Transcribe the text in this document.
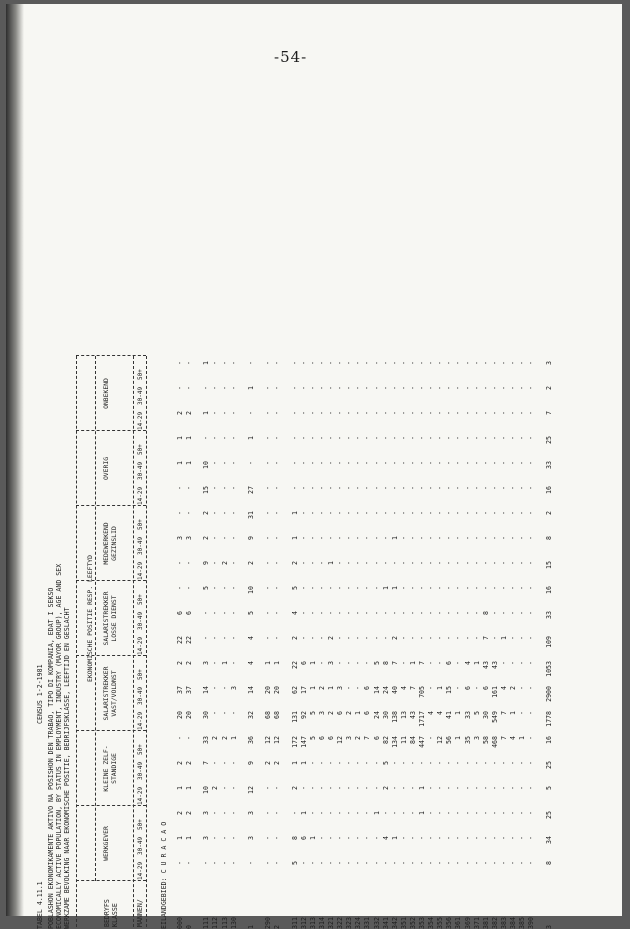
-54-
TABEL 4.11.1
CENSUS 1-2-1981 POBLASHON EKONOMIKAMENTE AKTIVO NA POSISHON DEN TRABAO, TIPO DI KOMPANIA, EDAT I SEKSO ECONOMICALLY ACTIVE POPULATION, BY STATUS IN EMPLOYMENT, INDUSTRY (MAYOR GROUP), AGE AND SEX WERKZAME BEVOLKING NAAR EKONOMISCHE POSITIE, BEDRIJFSKLASSE, LEEFTIJD EN GESLACHT	BEDRYFS KLASSE	MANNEN/
EKONOMISCHE POSITIE RESP. LEEFTYD
WERKGEVER
14-29
30-49
50+
KLEINE ZELF- STANDIGE
14-29
30-49
50+
SALARISTREKKER VAST/VOLDNST
14-29
30-49
50+
SALARISTREKKER LOSSE DIENST
14-29
30-49
50+
MEDEWERKEND GEZINSLID
14-29
30-49
50+
OVERIG
14-29
30-49
50+
ONBEKEND
14-29
30-49
50+
EILANDGEBIED: C U R A C A O 000
-
1
2
1
2
-
20
37
2
22
6
-
-
3
-
-
1
1
2
-
-
0
-
1
2
1
2
-
20
37
2
22
6
-
-
3
-
-
1
1
2
-
-
111
-
3
3
10
7
33
30
14
3
-
-
5
9
2
2
15
10
-
1
-
1
112
-
-
-
2
-
2
-
-
-
-
-
-
-
-
-
-
-
-
-
-
-
113
-
-
-
-
-
2
-
-
1
-
-
-
2
-
-
-
-
-
-
-
-
130
-
-
-
-
-
1
-
3
-
-
-
-
-
-
-
-
-
-
-
-
-
1
-
3
3
12
9
36
32
14
4
4
5
10
2
9
31
27
-
1
-
1
-
290
-
-
-
-
2
12
68
20
1
-
-
-
-
-
-
-
-
-
-
-
-
2
-
-
-
-
2
12
68
20
1
-
-
-
-
-
-
-
-
-
-
-
-
311
5
8
-
2
1
172
131
62
22
2
4
5
2
1
1
-
-
-
-
-
-
312
-
6
1
-
1
147
92
17
6
-
-
-
-
-
-
-
-
-
-
-
-
313
-
1
-
-
-
5
5
1
1
-
-
-
-
-
-
-
-
-
-
-
-
314
-
-
-
-
-
6
3
2
-
-
-
-
-
-
-
-
-
-
-
-
-
321
-
-
-
-
-
6
2
1
3
2
-
-
1
-
-
-
-
-
-
-
-
322
-
-
-
-
-
12
6
3
-
-
-
-
-
-
-
-
-
-
-
-
-
323
-
-
-
-
-
3
2
-
-
-
-
-
-
-
-
-
-
-
-
-
-
324
-
-
-
-
-
2
1
-
-
-
-
-
-
-
-
-
-
-
-
-
-
331
-
-
-
-
-
7
6
6
-
-
-
-
-
-
-
-
-
-
-
-
-
332
-
-
1
-
-
6
24
14
5
-
-
-
-
-
-
-
-
-
-
-
-
341
-
4
-
2
5
82
30
24
8
-
-
1
-
-
-
-
-
-
-
-
-
342
-
1
-
-
-
134
138
40
7
2
-
1
-
1
-
-
-
-
-
-
-
351
-
-
-
-
-
11
13
4
-
-
-
-
-
-
-
-
-
-
-
-
-
352
-
-
-
-
-
84
43
7
1
-
-
-
-
-
-
-
-
-
-
-
-
353
-
-
1
1
-
447
1717
705
7
-
-
-
-
-
-
-
-
-
-
-
-
354
-
-
-
-
-
-
4
-
-
-
-
-
-
-
-
-
-
-
-
-
-
355
-
-
-
-
-
12
4
1
-
-
-
-
-
-
-
-
-
-
-
-
-
356
-
-
-
-
-
56
41
15
6
-
-
-
-
-
-
-
-
-
-
-
-
361
-
-
-
-
-
1
1
-
-
-
-
-
-
-
-
-
-
-
-
-
-
369
-
-
-
-
-
35
33
6
4
-
-
-
-
-
-
-
-
-
-
-
-
371
-
-
-
-
-
3
5
-
1
-
-
-
-
-
-
-
-
-
-
-
-
381
-
-
-
-
-
58
30
6
43
7
8
-
-
-
-
-
-
-
-
-
-
382
-
-
-
-
-
468
549
161
43
-
-
-
-
-
-
-
-
-
-
-
-
383
-
-
-
-
-
7
7
4
-
1
-
-
-
-
-
-
-
-
-
-
-
384
-
-
-
-
-
4
1
2
-
-
-
-
-
-
-
-
-
-
-
-
-
385
-
-
-
-
-
1
-
-
-
-
-
-
-
-
-
-
-
-
-
-
-
390
-
-
-
-
-
-
-
-
-
-
-
-
-
-
-
-
-
-
-
-
-
3
8
34
25
5
25
16
1778
2900
1053
109
33
16
15
8
2
16
33
25
7
2
3
